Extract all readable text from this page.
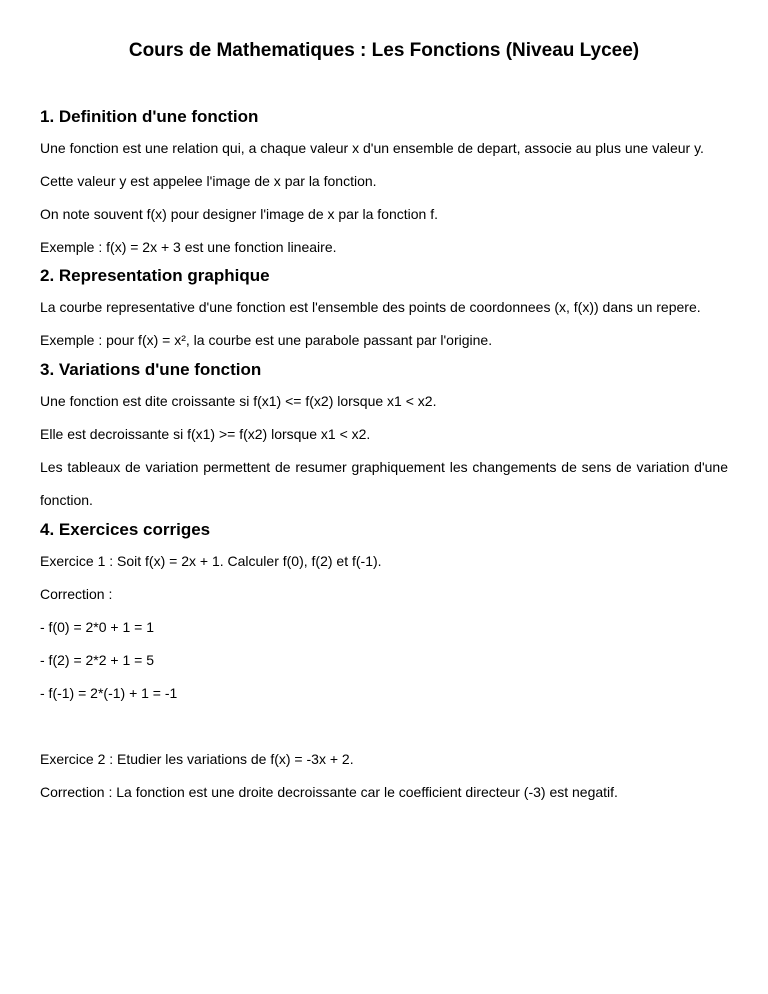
Cours de Mathematiques : Les Fonctions (Niveau Lycee)
1. Definition d'une fonction

Une fonction est une relation qui, a chaque valeur x d'un ensemble de depart, associe au plus une valeur y.

Cette valeur y est appelee l'image de x par la fonction.

On note souvent f(x) pour designer l'image de x par la fonction f.

Exemple : f(x) = 2x + 3 est une fonction lineaire.

2. Representation graphique

La courbe representative d'une fonction est l'ensemble des points de coordonnees (x, f(x)) dans un repere.

Exemple : pour f(x) = x², la courbe est une parabole passant par l'origine.

3. Variations d'une fonction

Une fonction est dite croissante si f(x1) <= f(x2) lorsque x1 < x2.

Elle est decroissante si f(x1) >= f(x2) lorsque x1 < x2.

Les tableaux de variation permettent de resumer graphiquement les changements de sens de variation d'une fonction.

4. Exercices corriges

Exercice 1 : Soit f(x) = 2x + 1. Calculer f(0), f(2) et f(-1).

Correction :

- f(0) = 2*0 + 1 = 1

- f(2) = 2*2 + 1 = 5

- f(-1) = 2*(-1) + 1 = -1

Exercice 2 : Etudier les variations de f(x) = -3x + 2.

Correction : La fonction est une droite decroissante car le coefficient directeur (-3) est negatif.
